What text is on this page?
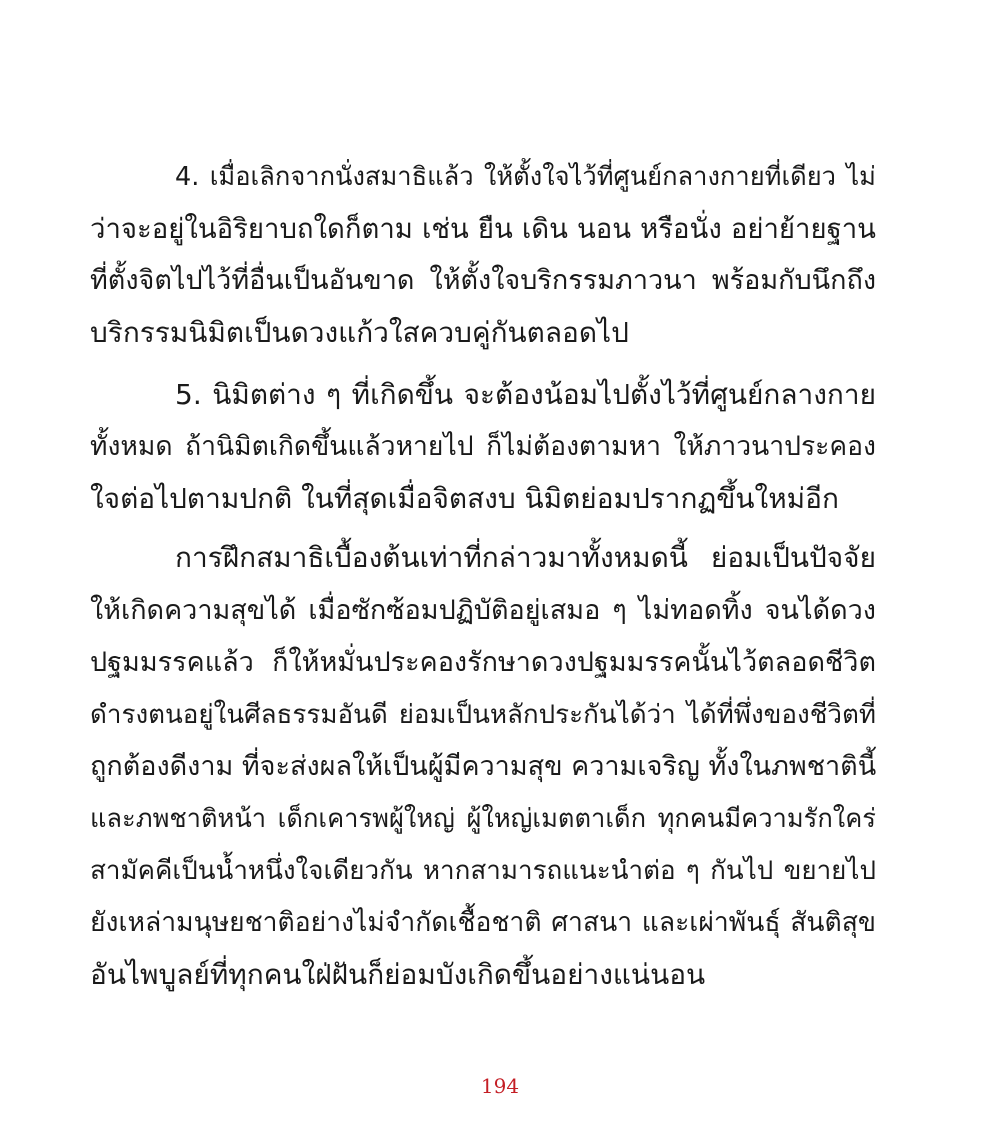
4. เมื่อเลิกจากนั่งสมาธิแล้ว ให้ตั้งใจไว้ที่ศูนย์กลางกายที่เดียว ไม่
ว่าจะอยู่ในอิริยาบถใดก็ตาม เช่น ยืน เดิน นอน หรือนั่ง อย่าย้ายฐาน
ที่ตั้งจิตไปไว้ที่อื่นเป็นอันขาด ให้ตั้งใจบริกรรมภาวนา พร้อมกับนึกถึง
บริกรรมนิมิตเป็นดวงแก้วใสควบคู่กันตลอดไป
5. นิมิตต่าง ๆ ที่เกิดขึ้น จะต้องน้อมไปตั้งไว้ที่ศูนย์กลางกาย
ทั้งหมด ถ้านิมิตเกิดขึ้นแล้วหายไป ก็ไม่ต้องตามหา ให้ภาวนาประคอง
ใจต่อไปตามปกติ ในที่สุดเมื่อจิตสงบ นิมิตย่อมปรากฏขึ้นใหม่อีก
การฝึกสมาธิเบื้องต้นเท่าที่กล่าวมาทั้งหมดนี้ ย่อมเป็นปัจจัย
ให้เกิดความสุขได้ เมื่อซักซ้อมปฏิบัติอยู่เสมอ ๆ ไม่ทอดทิ้ง จนได้ดวง
ปฐมมรรคแล้ว ก็ให้หมั่นประคองรักษาดวงปฐมมรรคนั้นไว้ตลอดชีวิต
ดำรงตนอยู่ในศีลธรรมอันดี ย่อมเป็นหลักประกันได้ว่า ได้ที่พึ่งของชีวิตที่
ถูกต้องดีงาม ที่จะส่งผลให้เป็นผู้มีความสุข ความเจริญ ทั้งในภพชาตินี้
และภพชาติหน้า เด็กเคารพผู้ใหญ่ ผู้ใหญ่เมตตาเด็ก ทุกคนมีความรักใคร่
สามัคคีเป็นน้ำหนึ่งใจเดียวกัน หากสามารถแนะนำต่อ ๆ กันไป ขยายไป
ยังเหล่ามนุษยชาติอย่างไม่จำกัดเชื้อชาติ ศาสนา และเผ่าพันธุ์ สันติสุข
อันไพบูลย์ที่ทุกคนใฝ่ฝันก็ย่อมบังเกิดขึ้นอย่างแน่นอน
194
